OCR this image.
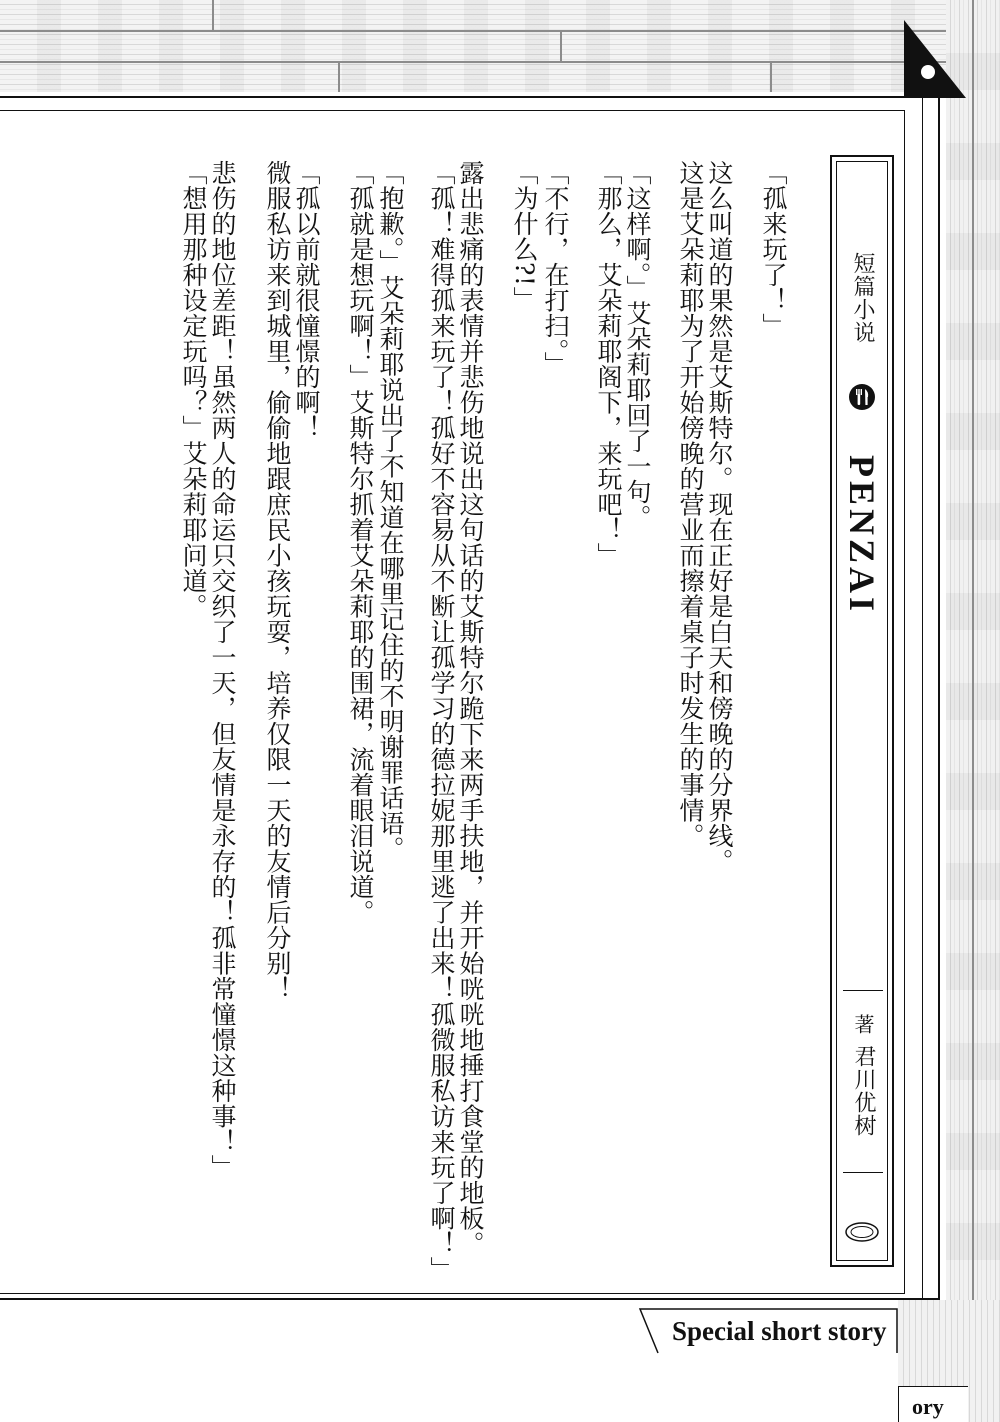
「孤来玩了！」
这么叫道的果然是艾斯特尔。现在正好是白天和傍晚的分界线。
这是艾朵莉耶为了开始傍晚的营业而擦着桌子时发生的事情。
「这样啊。」艾朵莉耶回了一句。
「那么，艾朵莉耶阁下，来玩吧！」
「不行，在打扫。」
「为什么?!」
露出悲痛的表情并悲伤地说出这句话的艾斯特尔跪下来两手扶地，并开始咣咣地捶打食堂的地板。
「孤！难得孤来玩了！孤好不容易从不断让孤学习的德拉妮那里逃了出来！孤微服私访来玩了啊！」
「抱歉。」艾朵莉耶说出了不知道在哪里记住的不明谢罪话语。
「孤就是想玩啊！」艾斯特尔抓着艾朵莉耶的围裙，流着眼泪说道。
「孤以前就很憧憬的啊！
微服私访来到城里，偷偷地跟庶民小孩玩耍，培养仅限一天的友情后分别！
悲伤的地位差距！虽然两人的命运只交织了一天，但友情是永存的！孤非常憧憬这种事！」
「想用那种设定玩吗？」艾朵莉耶问道。	短篇小说
PENZAI
著
君川优树
Special short story
ory
